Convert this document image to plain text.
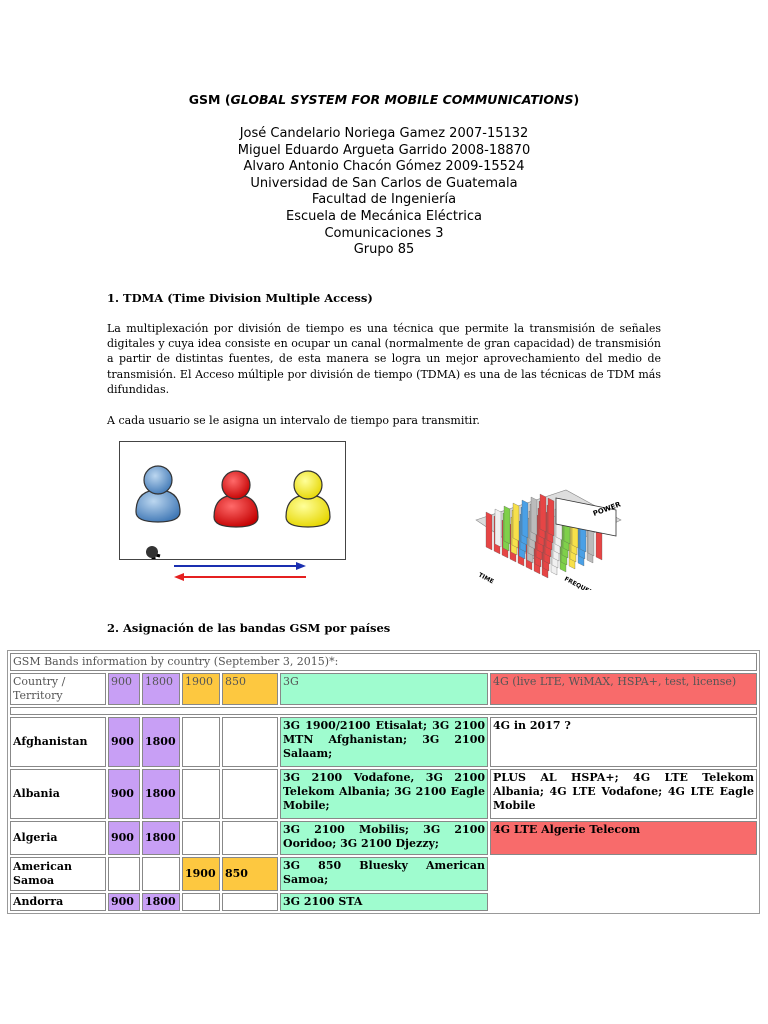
GSM (GLOBAL SYSTEM FOR MOBILE COMMUNICATIONS)
José Candelario Noriega Gamez 2007-15132
Miguel Eduardo Argueta Garrido 2008-18870
Alvaro Antonio Chacón Gómez 2009-15524
Universidad de San Carlos de Guatemala
Facultad de Ingeniería
Escuela de Mecánica Eléctrica
Comunicaciones 3
Grupo 85
1. TDMA (Time Division Multiple Access)
La multiplexación por división de tiempo es una técnica que permite la transmisión de señales digitales y cuya idea consiste en ocupar un canal (normalmente de gran capacidad) de transmisión a partir de distintas fuentes, de esta manera se logra un mejor aprovechamiento del medio de transmisión. El Acceso múltiple por división de tiempo (TDMA) es una de las técnicas de TDM más difundidas.
A cada usuario se le asigna un intervalo de tiempo para transmitir.
POWER
TIME	FREQUENCY
2. Asignación de las bandas GSM por países
GSM Bands information by country (September 3, 2015)*:						
Country / Territory	900	1800	1900	850	3G	4G (live LTE, WiMAX, HSPA+, test, license)

Afghanistan	900	1800			3G 1900/2100 Etisalat; 3G 2100 MTN Afghanistan; 3G 2100 Salaam;	4G in 2017 ?
Albania	900	1800			3G 2100 Vodafone, 3G 2100 Telekom Albania; 3G 2100 Eagle Mobile;	PLUS AL HSPA+; 4G LTE Telekom Albania; 4G LTE Vodafone; 4G LTE Eagle Mobile
Algeria	900	1800			3G 2100 Mobilis; 3G 2100 Ooridoo; 3G 2100 Djezzy;	4G LTE Algerie Telecom
American Samoa			1900	850	3G 850 Bluesky American Samoa;	
Andorra	900	1800			3G 2100 STA	
